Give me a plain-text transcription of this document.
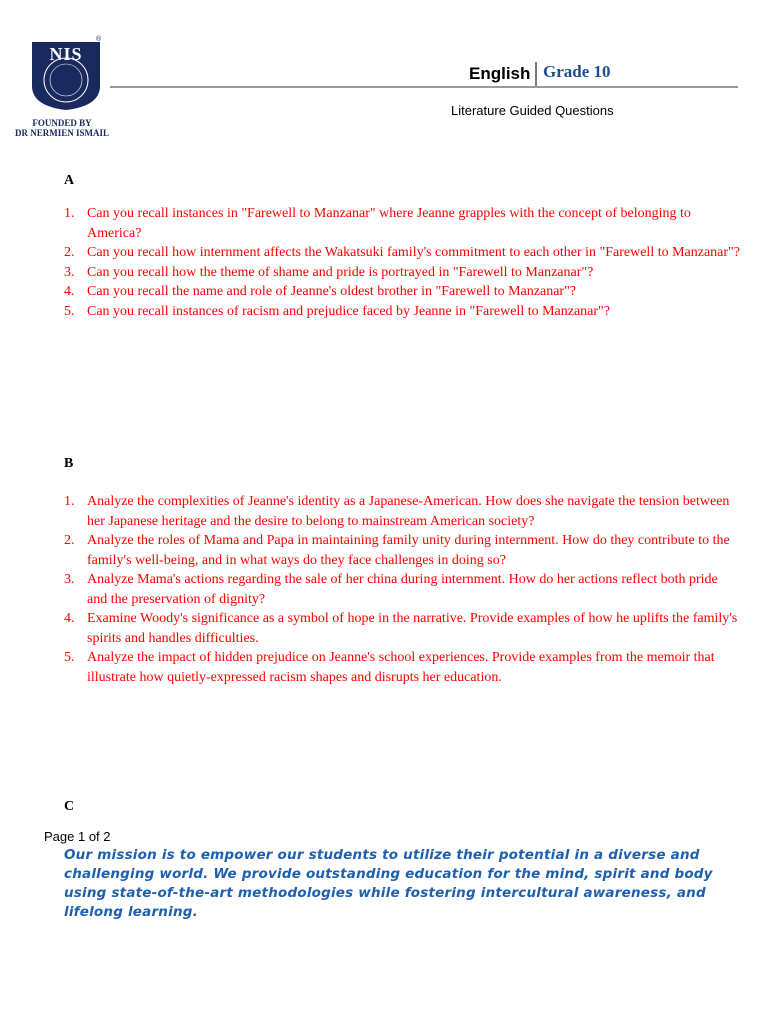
NIS
®
FOUNDED BY
DR NERMIEN ISMAIL
English Grade 10
Literature Guided Questions
A
1. Can you recall instances in "Farewell to Manzanar" where Jeanne grapples with the concept of belonging to America?
2. Can you recall how internment affects the Wakatsuki family's commitment to each other in "Farewell to Manzanar"?
3. Can you recall how the theme of shame and pride is portrayed in "Farewell to Manzanar"?
4. Can you recall the name and role of Jeanne's oldest brother in "Farewell to Manzanar"?
5. Can you recall instances of racism and prejudice faced by Jeanne in "Farewell to Manzanar"?
B
1. Analyze the complexities of Jeanne's identity as a Japanese-American. How does she navigate the tension between her Japanese heritage and the desire to belong to mainstream American society?
2. Analyze the roles of Mama and Papa in maintaining family unity during internment. How do they contribute to the family's well-being, and in what ways do they face challenges in doing so?
3. Analyze Mama's actions regarding the sale of her china during internment. How do her actions reflect both pride and the preservation of dignity?
4. Examine Woody's significance as a symbol of hope in the narrative. Provide examples of how he uplifts the family's spirits and handles difficulties.
5. Analyze the impact of hidden prejudice on Jeanne's school experiences. Provide examples from the memoir that illustrate how quietly-expressed racism shapes and disrupts her education.
C
Page 1 of 2
Our mission is to empower our students to utilize their potential in a diverse and challenging world. We provide outstanding education for the mind, spirit and body using state-of-the-art methodologies while fostering intercultural awareness, and lifelong learning.
